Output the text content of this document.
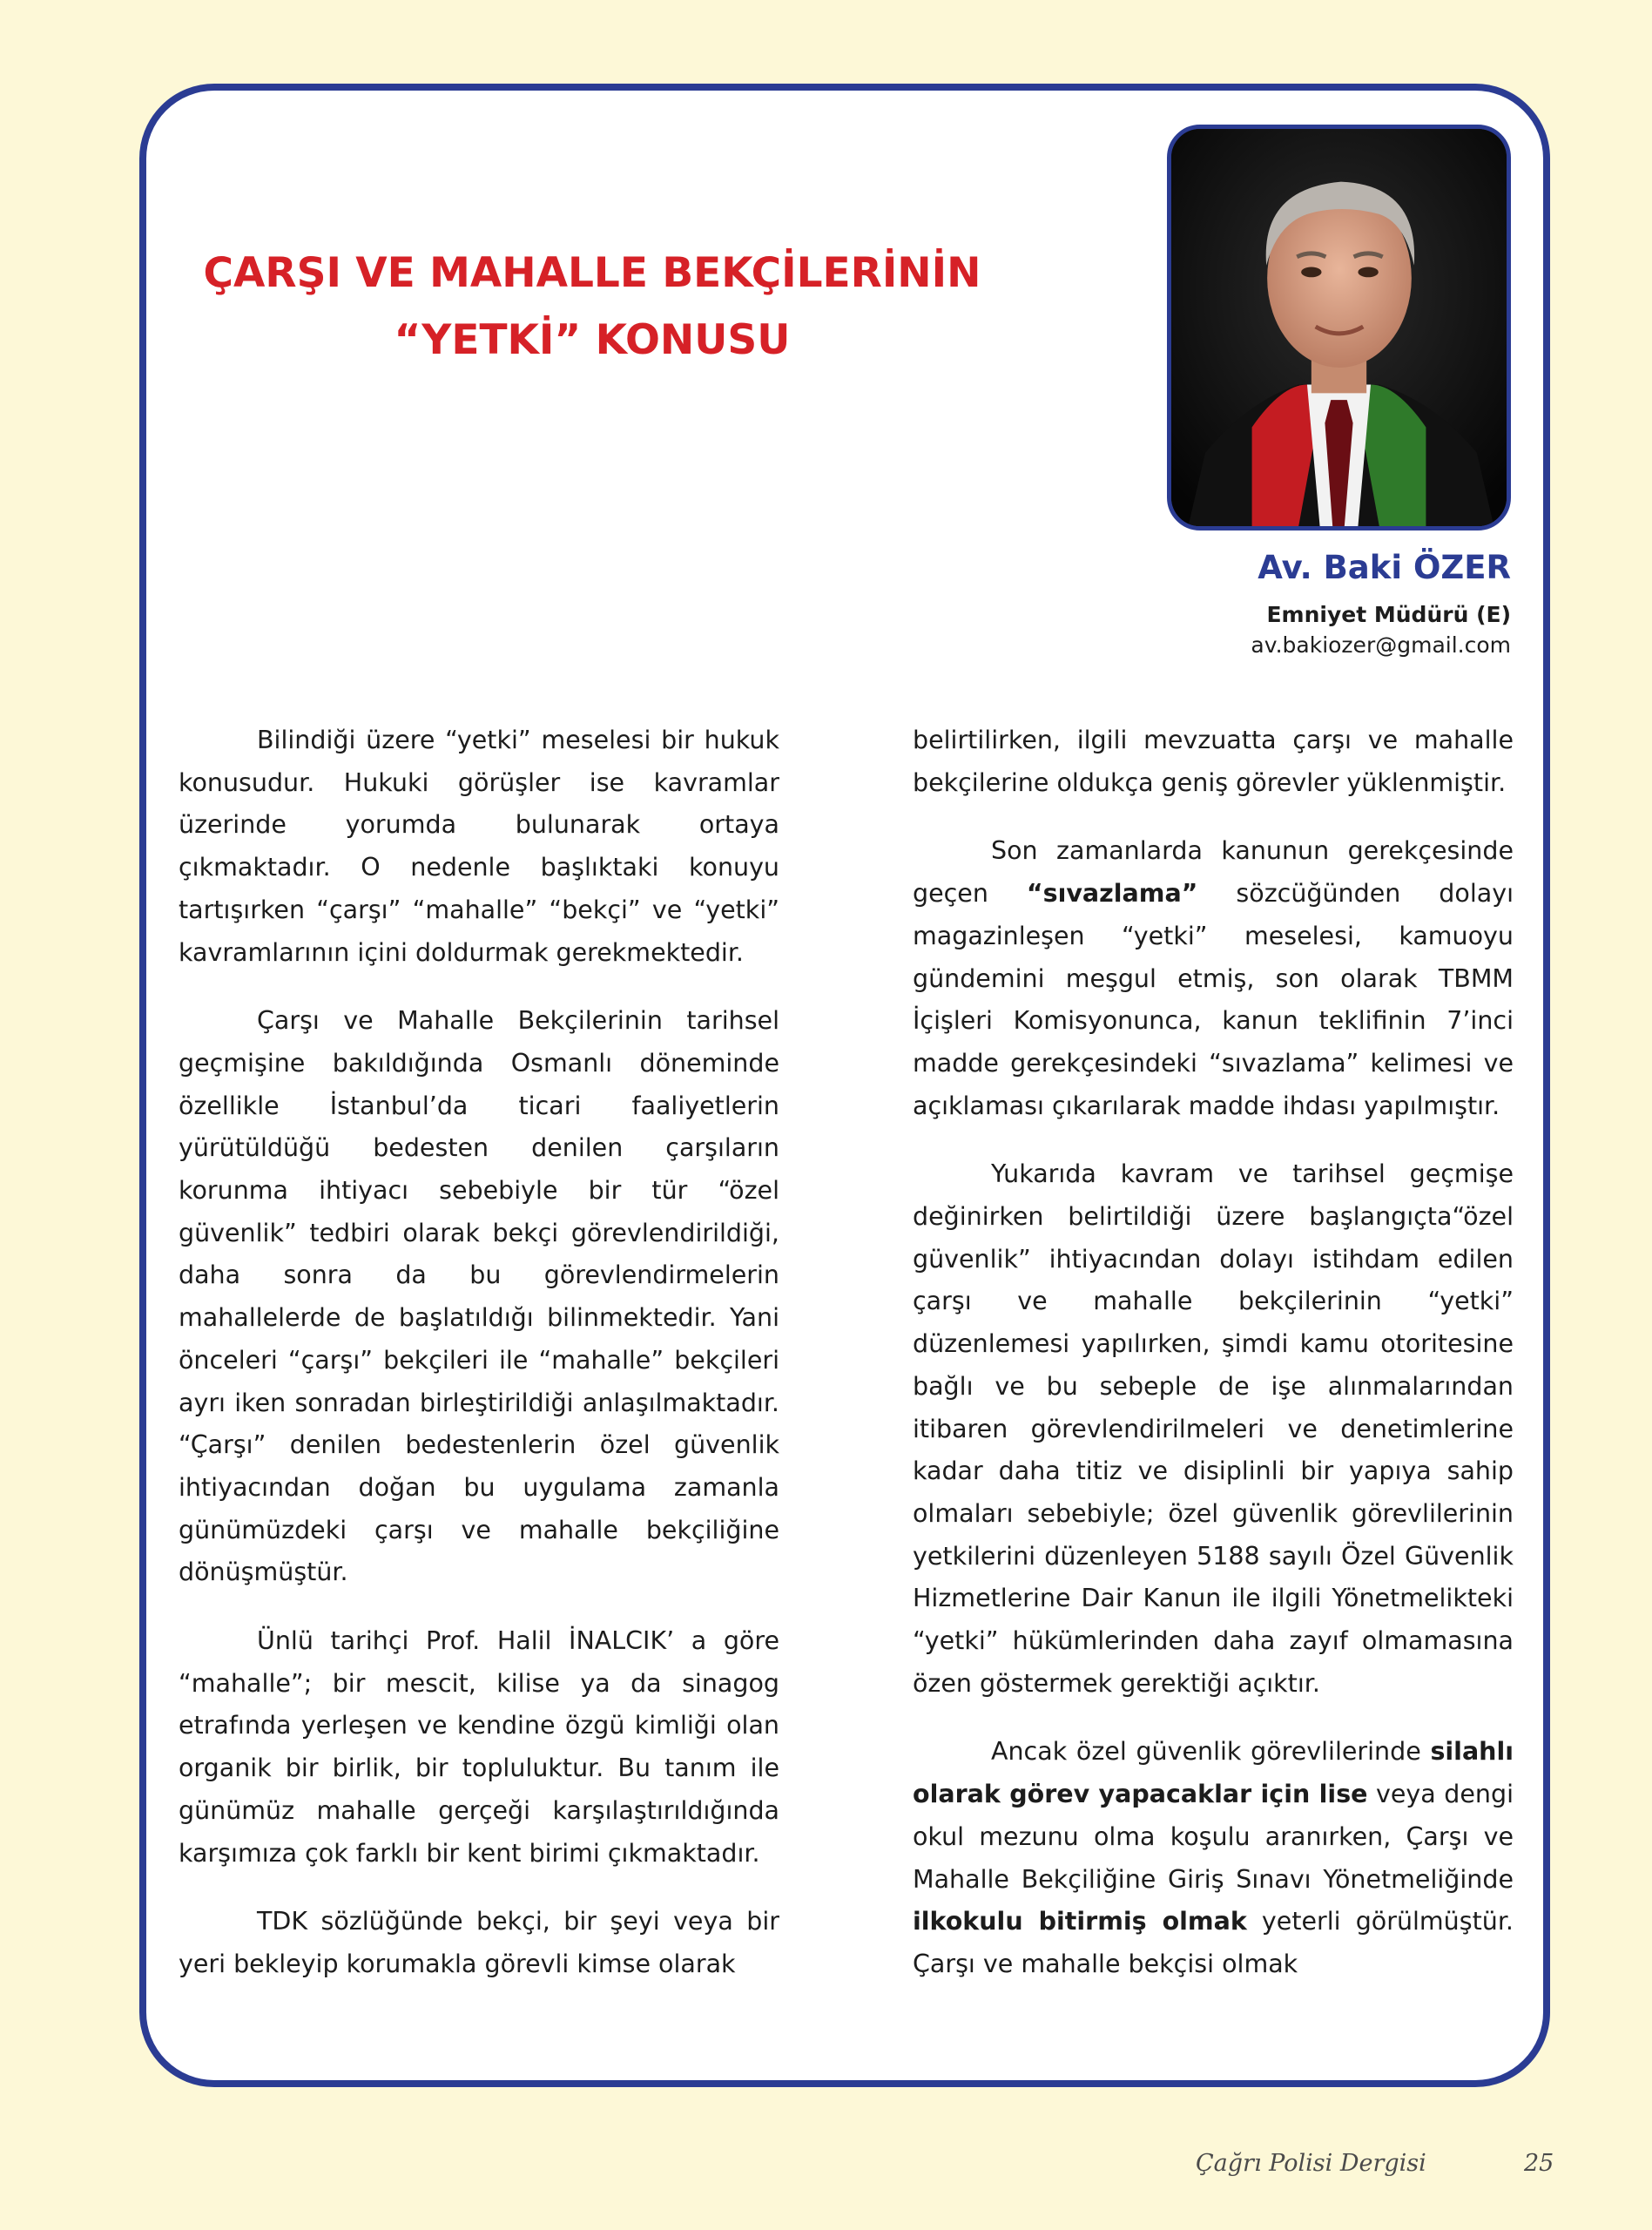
ÇARŞI VE MAHALLE BEKÇİLERİNİN
“YETKİ” KONUSU
Av. Baki ÖZER
Emniyet Müdürü (E)
av.bakiozer@gmail.com

Bilindiği üzere “yetki” meselesi bir hukuk konusudur. Hukuki görüşler ise kavramlar üzerinde yorumda bulunarak ortaya çıkmaktadır. O nedenle başlıktaki konuyu tartışırken “çarşı” “mahalle” “bekçi” ve “yetki” kavramlarının içini doldurmak gerekmektedir.

Çarşı ve Mahalle Bekçilerinin tarihsel geçmişine bakıldığında Osmanlı döneminde özellikle İstanbul’da ticari faaliyetlerin yürütüldüğü bedesten denilen çarşıların korunma ihtiyacı sebebiyle bir tür “özel güvenlik” tedbiri olarak bekçi görevlendirildiği, daha sonra da bu görevlendirmelerin mahallelerde de başlatıldığı bilinmektedir. Yani önceleri “çarşı” bekçileri ile “mahalle” bekçileri ayrı iken sonradan birleştirildiği anlaşılmaktadır. “Çarşı” denilen bedestenlerin özel güvenlik ihtiyacından doğan bu uygulama zamanla günümüzdeki çarşı ve mahalle bekçiliğine dönüşmüştür.

Ünlü tarihçi Prof. Halil İNALCIK’ a göre “mahalle”; bir mescit, kilise ya da sinagog etrafında yerleşen ve kendine özgü kimliği olan organik bir birlik, bir topluluktur. Bu tanım ile günümüz mahalle gerçeği karşılaştırıldığında karşımıza çok farklı bir kent birimi çıkmaktadır.

TDK sözlüğünde bekçi, bir şeyi veya bir yeri bekleyip korumakla görevli kimse olarak

belirtilirken, ilgili mevzuatta çarşı ve mahalle bekçilerine oldukça geniş görevler yüklenmiştir.

Son zamanlarda kanunun gerekçesinde geçen “sıvazlama” sözcüğünden dolayı magazinleşen “yetki” meselesi, kamuoyu gündemini meşgul etmiş, son olarak TBMM İçişleri Komisyonunca, kanun teklifinin 7’inci madde gerekçesindeki “sıvazlama” kelimesi ve açıklaması çıkarılarak madde ihdası yapılmıştır.

Yukarıda kavram ve tarihsel geçmişe değinirken belirtildiği üzere başlangıçta“özel güvenlik” ihtiyacından dolayı istihdam edilen çarşı ve mahalle bekçilerinin “yetki” düzenlemesi yapılırken, şimdi kamu otoritesine bağlı ve bu sebeple de işe alınmalarından itibaren görevlendirilmeleri ve denetimlerine kadar daha titiz ve disiplinli bir yapıya sahip olmaları sebebiyle; özel güvenlik görevlilerinin yetkilerini düzenleyen 5188 sayılı Özel Güvenlik Hizmetlerine Dair Kanun ile ilgili Yönetmelikteki “yetki” hükümlerinden daha zayıf olmamasına özen göstermek gerektiği açıktır.

Ancak özel güvenlik görevlilerinde silahlı olarak görev yapacaklar için lise veya dengi okul mezunu olma koşulu aranırken, Çarşı ve Mahalle Bekçiliğine Giriş Sınavı Yönetmeliğinde ilkokulu bitirmiş olmak yeterli görülmüştür. Çarşı ve mahalle bekçisi olmak

Çağrı Polisi Dergisi	25
